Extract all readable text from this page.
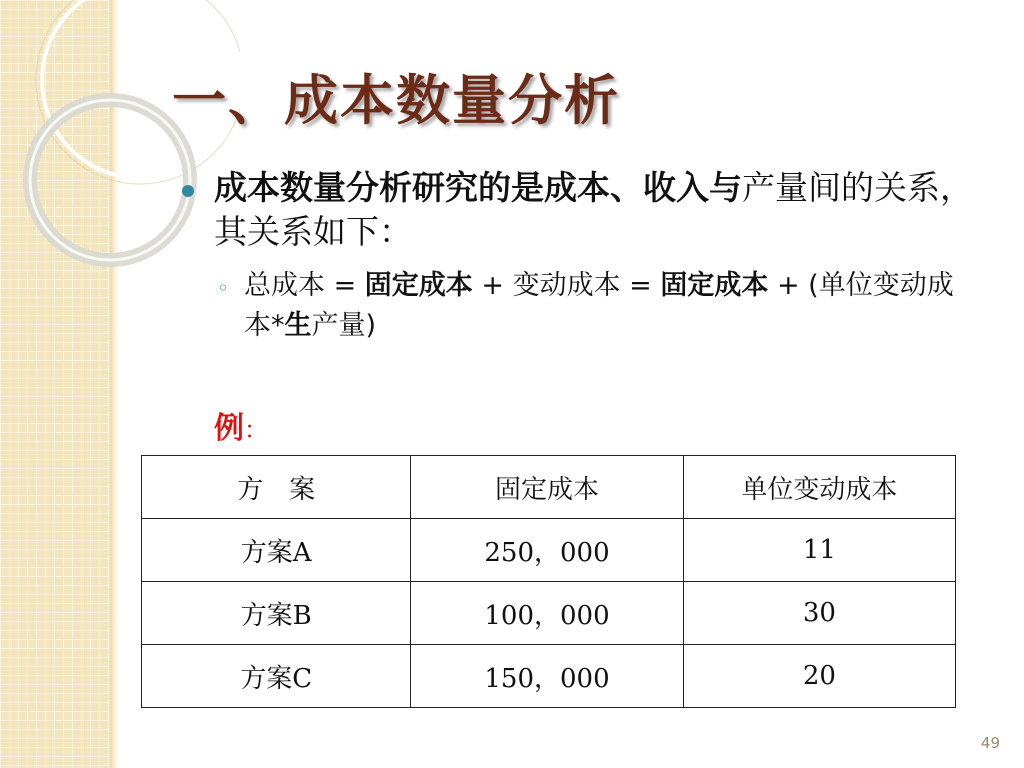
一、成本数量分析
成本数量分析研究的是成本、收入与产量间的关系，其关系如下：
◦ 总成本 = 固定成本 + 变动成本 = 固定成本 + (单位变动成本*生产量)
例：
方　案	固定成本	单位变动成本
方案A	250，000	11
方案B	100，000	30
方案C	150，000	20
49
